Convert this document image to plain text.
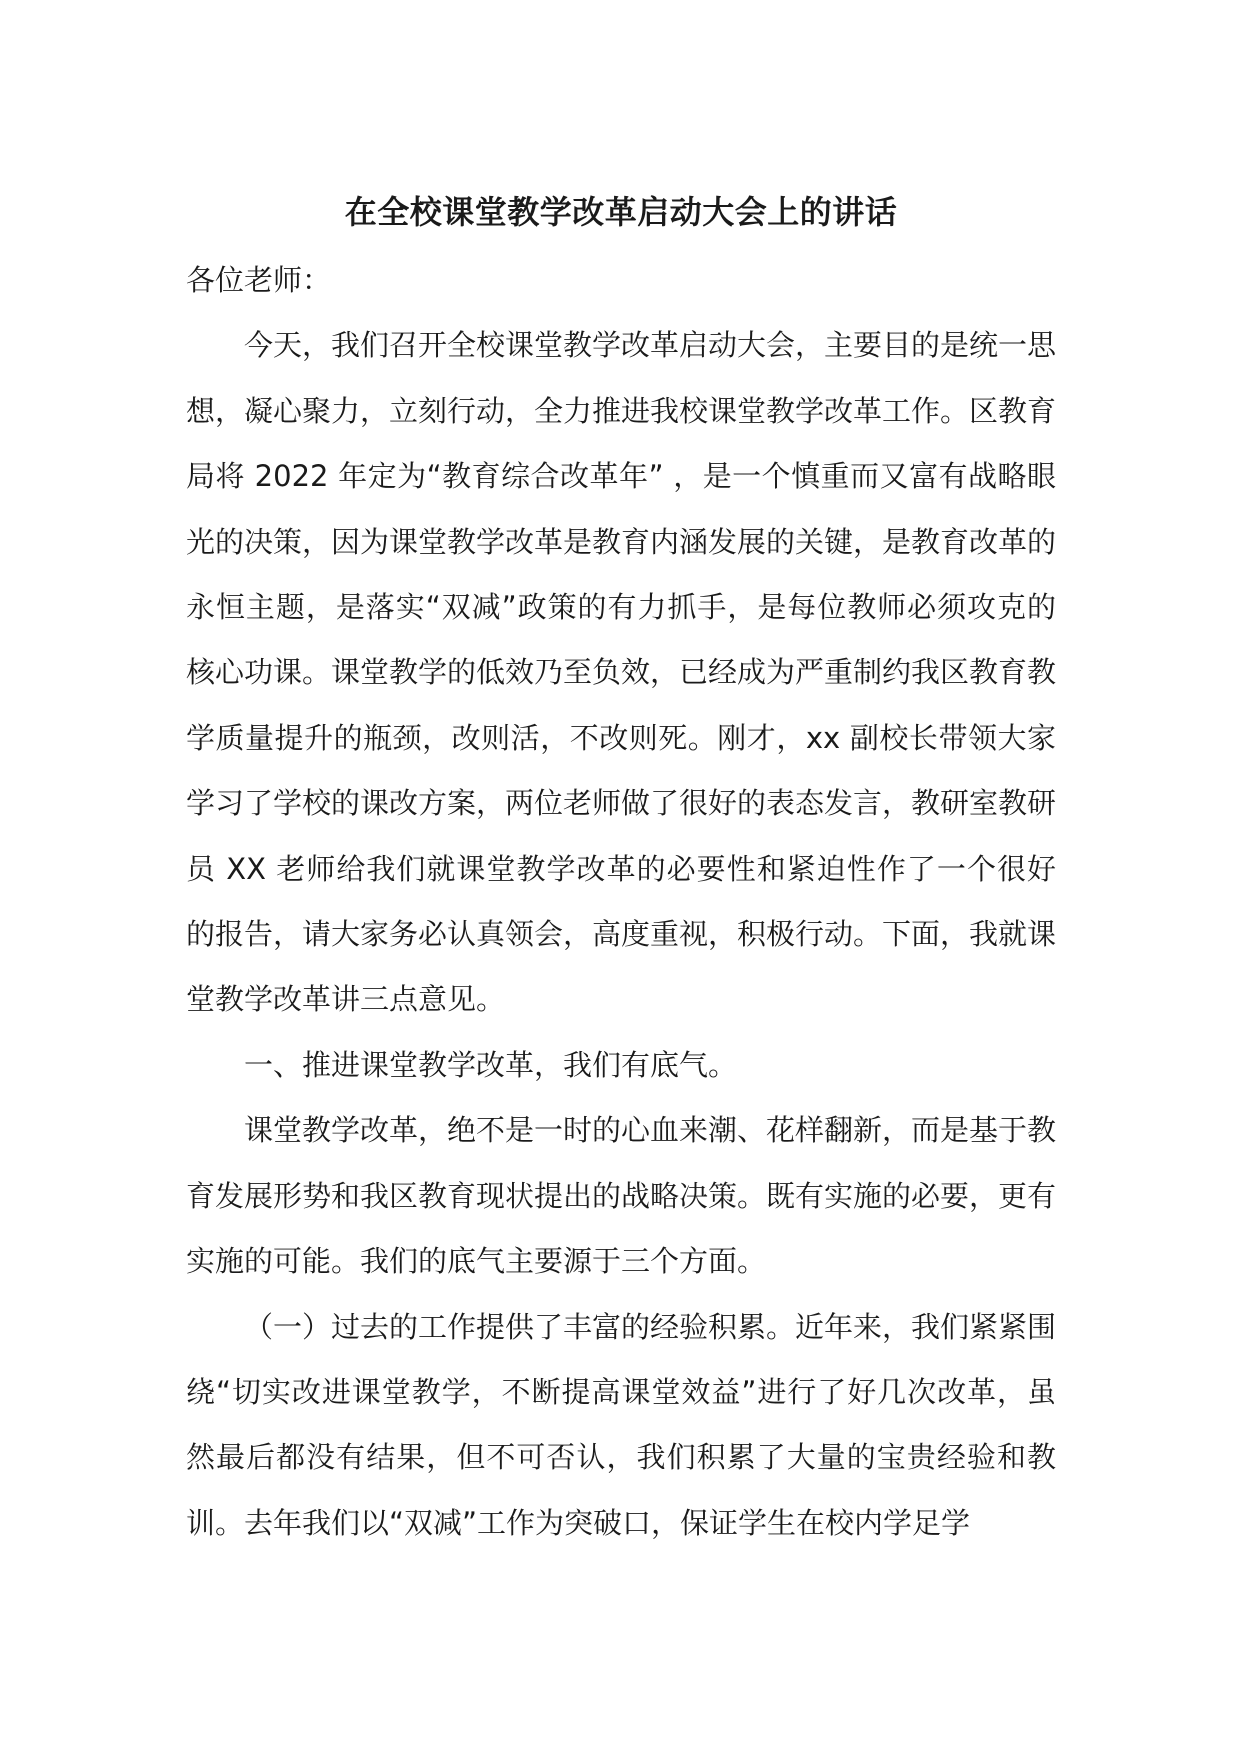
在全校课堂教学改革启动大会上的讲话
各位老师：

今天，我们召开全校课堂教学改革启动大会，主要目的是统一思想，凝心聚力，立刻行动，全力推进我校课堂教学改革工作。区教育局将 2022 年定为“教育综合改革年” ，是一个慎重而又富有战略眼光的决策，因为课堂教学改革是教育内涵发展的关键，是教育改革的永恒主题，是落实“双减”政策的有力抓手，是每位教师必须攻克的核心功课。课堂教学的低效乃至负效，已经成为严重制约我区教育教学质量提升的瓶颈，改则活，不改则死。刚才，xx 副校长带领大家学习了学校的课改方案，两位老师做了很好的表态发言，教研室教研员 XX 老师给我们就课堂教学改革的必要性和紧迫性作了一个很好的报告，请大家务必认真领会，高度重视，积极行动。下面，我就课堂教学改革讲三点意见。

一、推进课堂教学改革，我们有底气。

课堂教学改革，绝不是一时的心血来潮、花样翻新，而是基于教育发展形势和我区教育现状提出的战略决策。既有实施的必要，更有实施的可能。我们的底气主要源于三个方面。

（一）过去的工作提供了丰富的经验积累。近年来，我们紧紧围绕“切实改进课堂教学，不断提高课堂效益”进行了好几次改革，虽然最后都没有结果，但不可否认，我们积累了大量的宝贵经验和教训。去年我们以“双减”工作为突破口，保证学生在校内学足学
